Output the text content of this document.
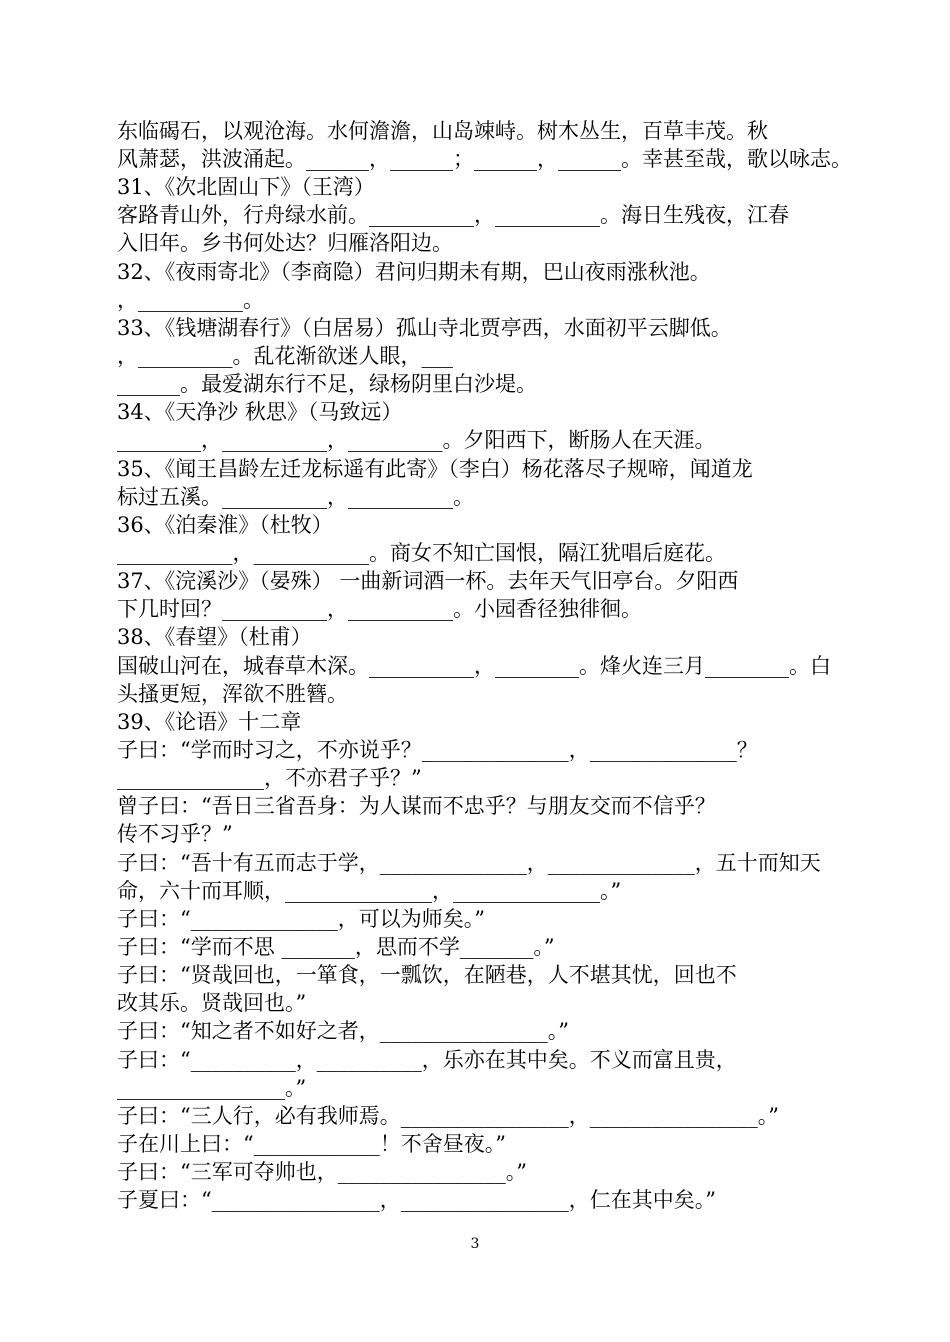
东临碣石，以观沧海。水何澹澹，山岛竦峙。树木丛生，百草丰茂。秋
风萧瑟，洪波涌起。______，______；______，______。幸甚至哉，歌以咏志。
31、《次北固山下》（王湾）
客路青山外，行舟绿水前。__________，__________。海日生残夜，江春
入旧年。乡书何处达？归雁洛阳边。
32、《夜雨寄北》（李商隐）君问归期未有期，巴山夜雨涨秋池。
，__________。
33、《钱塘湖春行》（白居易）孤山寺北贾亭西，水面初平云脚低。
，_________。乱花渐欲迷人眼，___
______。最爱湖东行不足，绿杨阴里白沙堤。
34、《天净沙 秋思》（马致远）
________，__________，_________。夕阳西下，断肠人在天涯。
35、《闻王昌龄左迁龙标遥有此寄》（李白）杨花落尽子规啼，闻道龙
标过五溪。__________，__________。
36、《泊秦淮》（杜牧）
___________，___________。商女不知亡国恨，隔江犹唱后庭花。
37、《浣溪沙》（晏殊） 一曲新词酒一杯。去年天气旧亭台。夕阳西
下几时回？__________，__________。小园香径独徘徊。
38、《春望》（杜甫）
国破山河在，城春草木深。__________，________。烽火连三月________。白
头搔更短，浑欲不胜簪。
39、《论语》十二章
子曰：“学而时习之，不亦说乎？______________，______________？
______________，不亦君子乎？”
曾子曰：“吾日三省吾身：为人谋而不忠乎？与朋友交而不信乎？
传不习乎？”
子曰：“吾十有五而志于学，______________，______________，五十而知天
命，六十而耳顺，______________，______________。”
子曰：“______________，可以为师矣。”
子曰：“学而不思 _______，思而不学_______。”
子曰：“贤哉回也，一箪食，一瓢饮，在陋巷，人不堪其忧，回也不
改其乐。贤哉回也。”
子曰：“知之者不如好之者，________________。”
子曰：“__________，__________，乐亦在其中矣。不义而富且贵，
________________。”
子曰：“三人行，必有我师焉。________________，________________。”
子在川上曰：“____________！不舍昼夜。”
子曰：“三军可夺帅也，________________。”
子夏曰：“________________，________________，仁在其中矣。”
3
